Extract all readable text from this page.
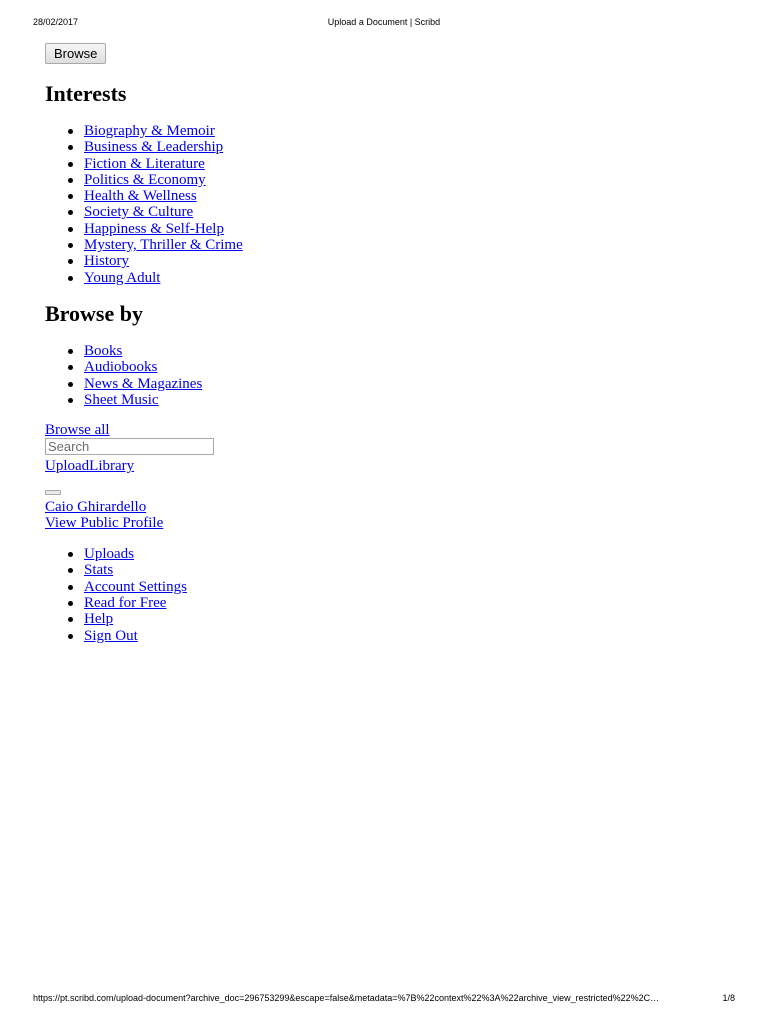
28/02/2017	Upload a Document | Scribd
Browse
Interests
Biography & Memoir
Business & Leadership
Fiction & Literature
Politics & Economy
Health & Wellness
Society & Culture
Happiness & Self-Help
Mystery, Thriller & Crime
History
Young Adult
Browse by
Books
Audiobooks
News & Magazines
Sheet Music
Browse all
Search
UploadLibrary
Caio Ghirardello
View Public Profile
Uploads
Stats
Account Settings
Read for Free
Help
Sign Out
https://pt.scribd.com/upload-document?archive_doc=296753299&escape=false&metadata=%7B%22context%22%3A%22archive_view_restricted%22%2C…	1/8
